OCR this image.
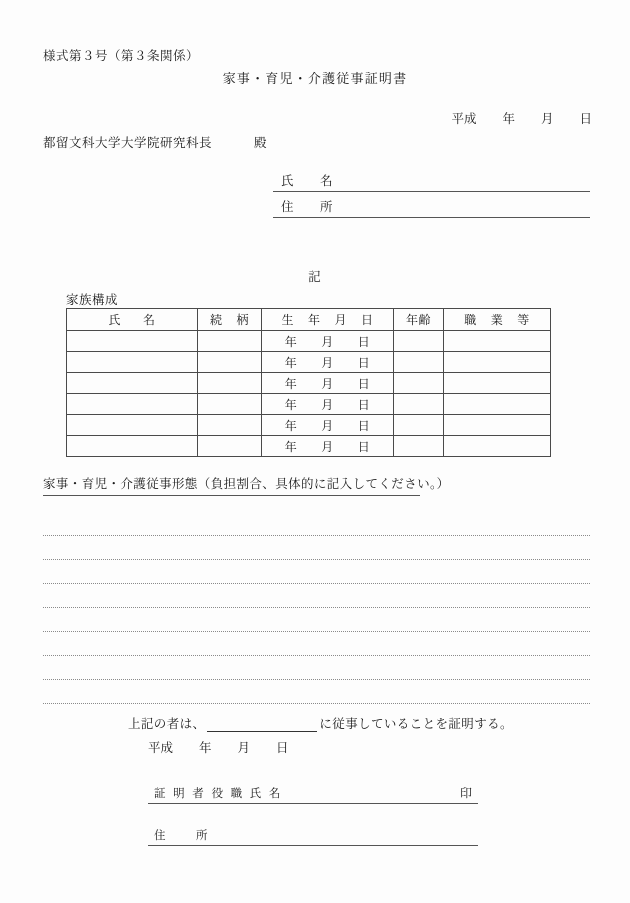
様式第３号（第３条関係）
家事・育児・介護従事証明書
平成 年 月 日
都留文科大学大学院研究科長	殿
氏 名
住 所
記
家族構成
氏 名	続 柄	生 年 月 日	年齢	職 業 等
		年 月 日		
		年 月 日		
		年 月 日		
		年 月 日		
		年 月 日		
		年 月 日		
家事・育児・介護従事形態（負担割合、具体的に記入してください。）
上記の者は、	に従事していることを証明する。
平成 年 月 日
証 明 者 役 職 氏 名	印
住	所
